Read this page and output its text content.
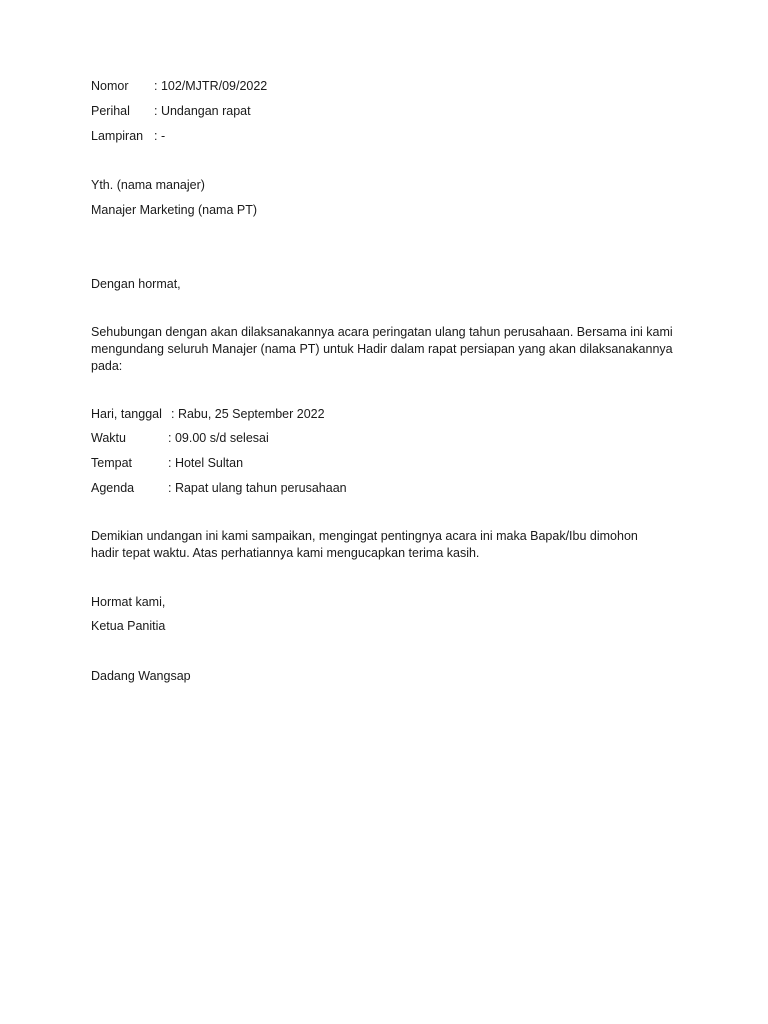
Nomor : 102/MJTR/09/2022
Perihal : Undangan rapat
Lampiran : -
Yth. (nama manajer)
Manajer Marketing (nama PT)
Dengan hormat,
Sehubungan dengan akan dilaksanakannya acara peringatan ulang tahun perusahaan. Bersama ini kami
mengundang seluruh Manajer (nama PT) untuk Hadir dalam rapat persiapan yang akan dilaksanakannya
pada:
Hari, tanggal : Rabu, 25 September 2022
Waktu	: 09.00 s/d selesai
Tempat	: Hotel Sultan
Agenda	: Rapat ulang tahun perusahaan
Demikian undangan ini kami sampaikan, mengingat pentingnya acara ini maka Bapak/Ibu dimohon
hadir tepat waktu. Atas perhatiannya kami mengucapkan terima kasih.
Hormat kami,
Ketua Panitia
Dadang Wangsap
